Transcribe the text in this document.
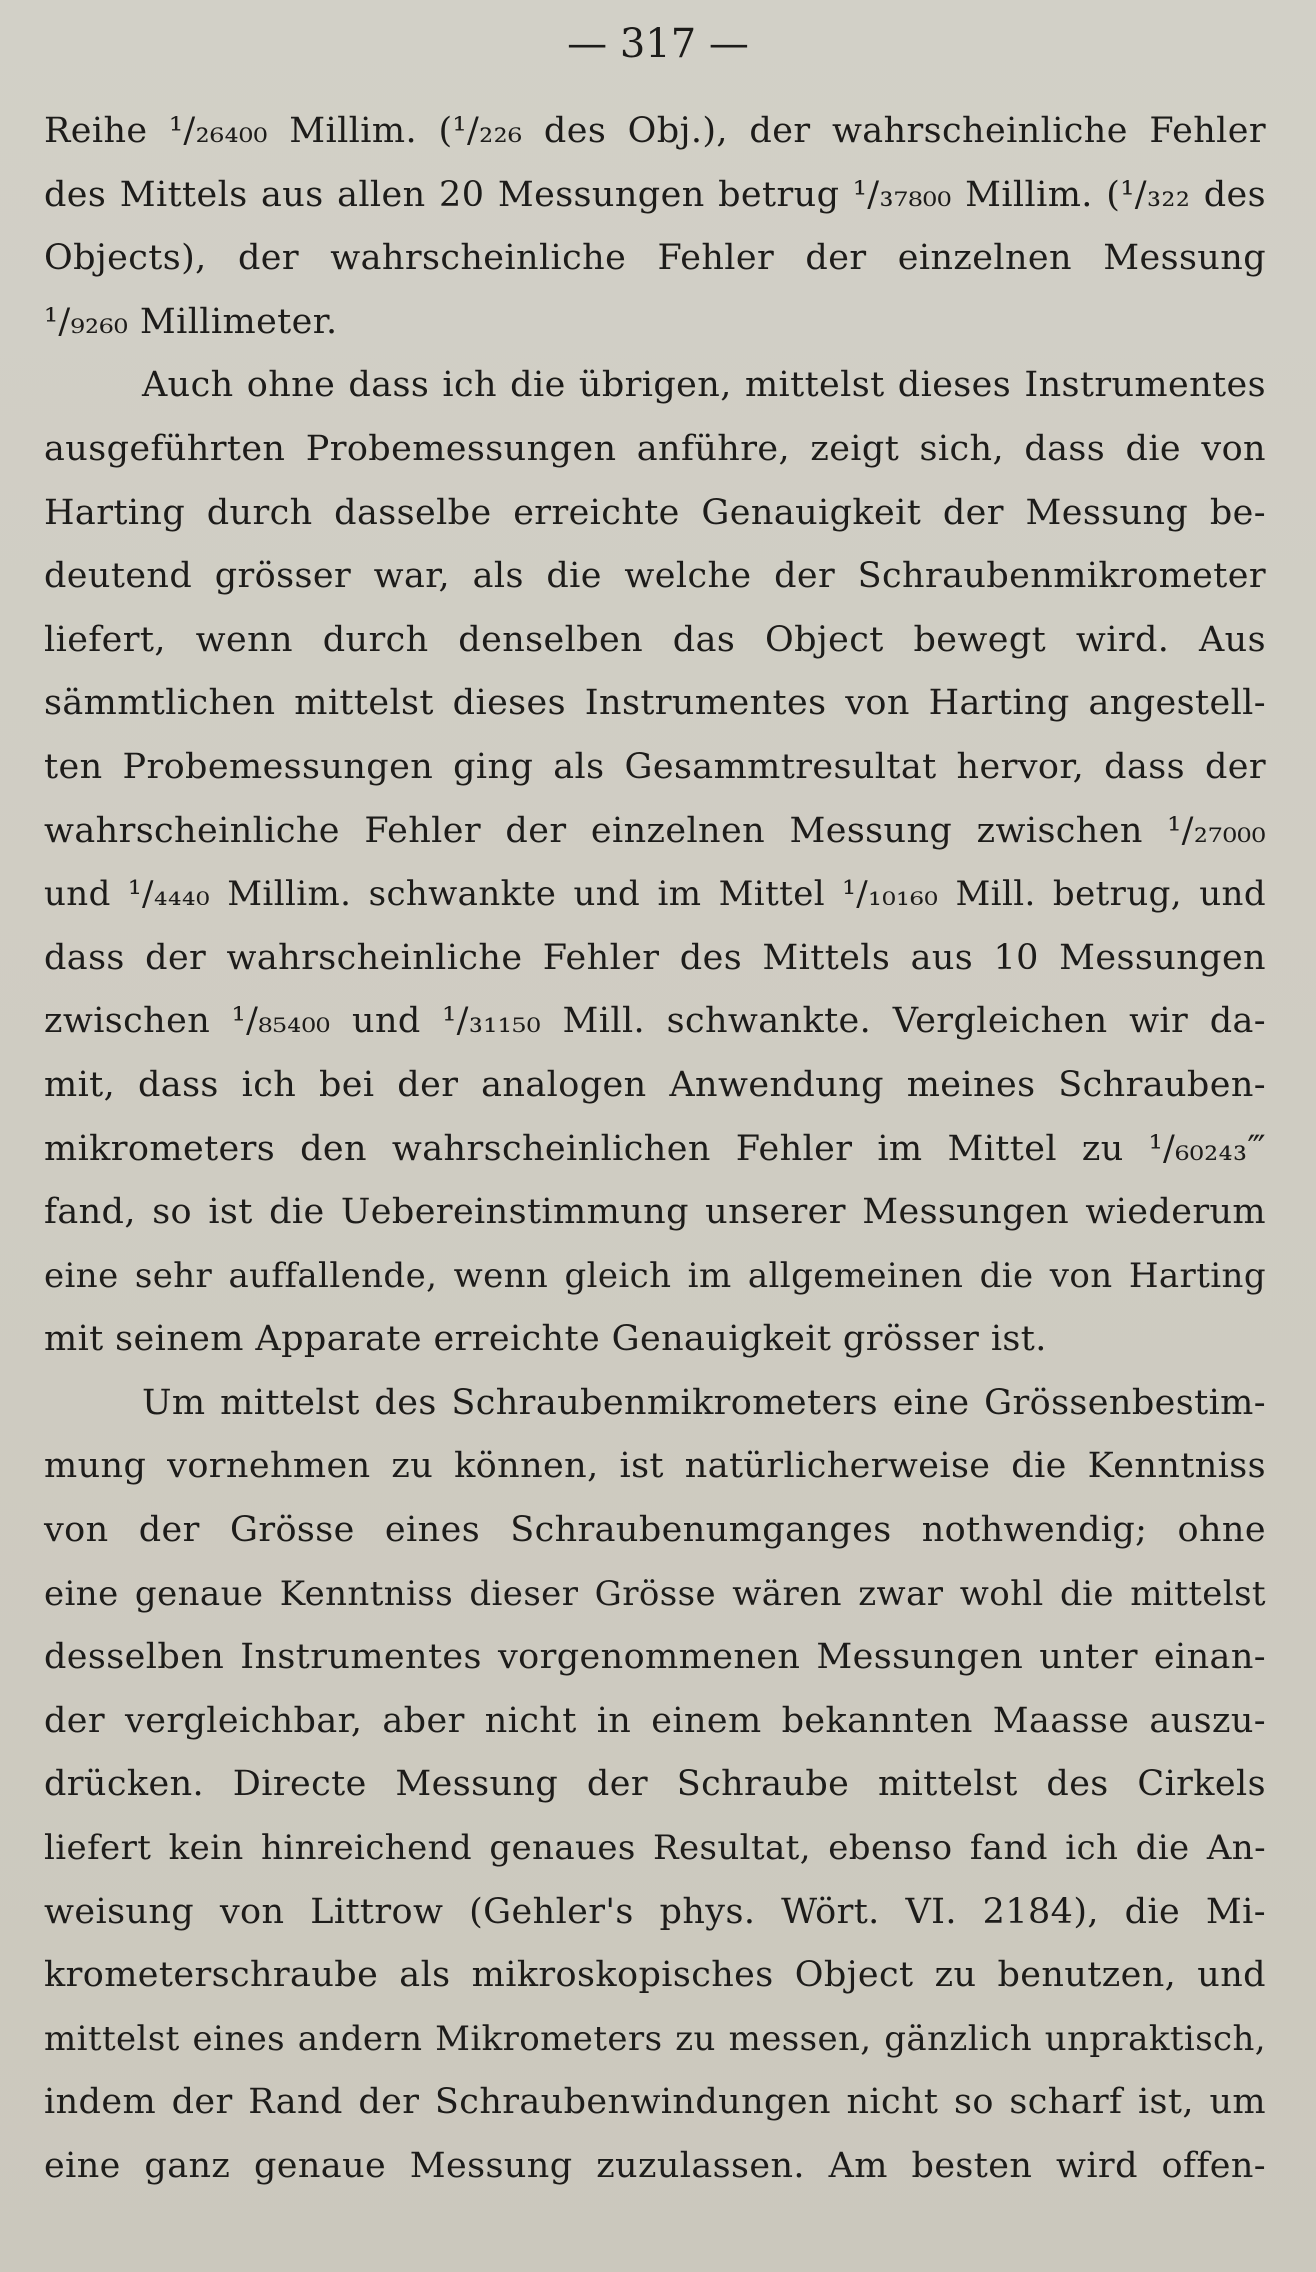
— 317 —
Reihe ¹/₂₆₄₀₀ Millim. (¹/₂₂₆ des Obj.), der wahrscheinliche Fehler
des Mittels aus allen 20 Messungen betrug ¹/₃₇₈₀₀ Millim. (¹/₃₂₂ des
Objects), der wahrscheinliche Fehler der einzelnen Messung
¹/₉₂₆₀ Millimeter.
Auch ohne dass ich die übrigen, mittelst dieses Instrumentes
ausgeführten Probemessungen anführe, zeigt sich, dass die von
Harting durch dasselbe erreichte Genauigkeit der Messung be-
deutend grösser war, als die welche der Schraubenmikrometer
liefert, wenn durch denselben das Object bewegt wird. Aus
sämmtlichen mittelst dieses Instrumentes von Harting angestell-
ten Probemessungen ging als Gesammtresultat hervor, dass der
wahrscheinliche Fehler der einzelnen Messung zwischen ¹/₂₇₀₀₀
und ¹/₄₄₄₀ Millim. schwankte und im Mittel ¹/₁₀₁₆₀ Mill. betrug, und
dass der wahrscheinliche Fehler des Mittels aus 10 Messungen
zwischen ¹/₈₅₄₀₀ und ¹/₃₁₁₅₀ Mill. schwankte. Vergleichen wir da-
mit, dass ich bei der analogen Anwendung meines Schrauben-
mikrometers den wahrscheinlichen Fehler im Mittel zu ¹/₆₀₂₄₃‴
fand, so ist die Uebereinstimmung unserer Messungen wiederum
eine sehr auffallende, wenn gleich im allgemeinen die von Harting
mit seinem Apparate erreichte Genauigkeit grösser ist.
Um mittelst des Schraubenmikrometers eine Grössenbestim-
mung vornehmen zu können, ist natürlicherweise die Kenntniss
von der Grösse eines Schraubenumganges nothwendig; ohne
eine genaue Kenntniss dieser Grösse wären zwar wohl die mittelst
desselben Instrumentes vorgenommenen Messungen unter einan-
der vergleichbar, aber nicht in einem bekannten Maasse auszu-
drücken. Directe Messung der Schraube mittelst des Cirkels
liefert kein hinreichend genaues Resultat, ebenso fand ich die An-
weisung von Littrow (Gehler's phys. Wört. VI. 2184), die Mi-
krometerschraube als mikroskopisches Object zu benutzen, und
mittelst eines andern Mikrometers zu messen, gänzlich unpraktisch,
indem der Rand der Schraubenwindungen nicht so scharf ist, um
eine ganz genaue Messung zuzulassen. Am besten wird offen-
